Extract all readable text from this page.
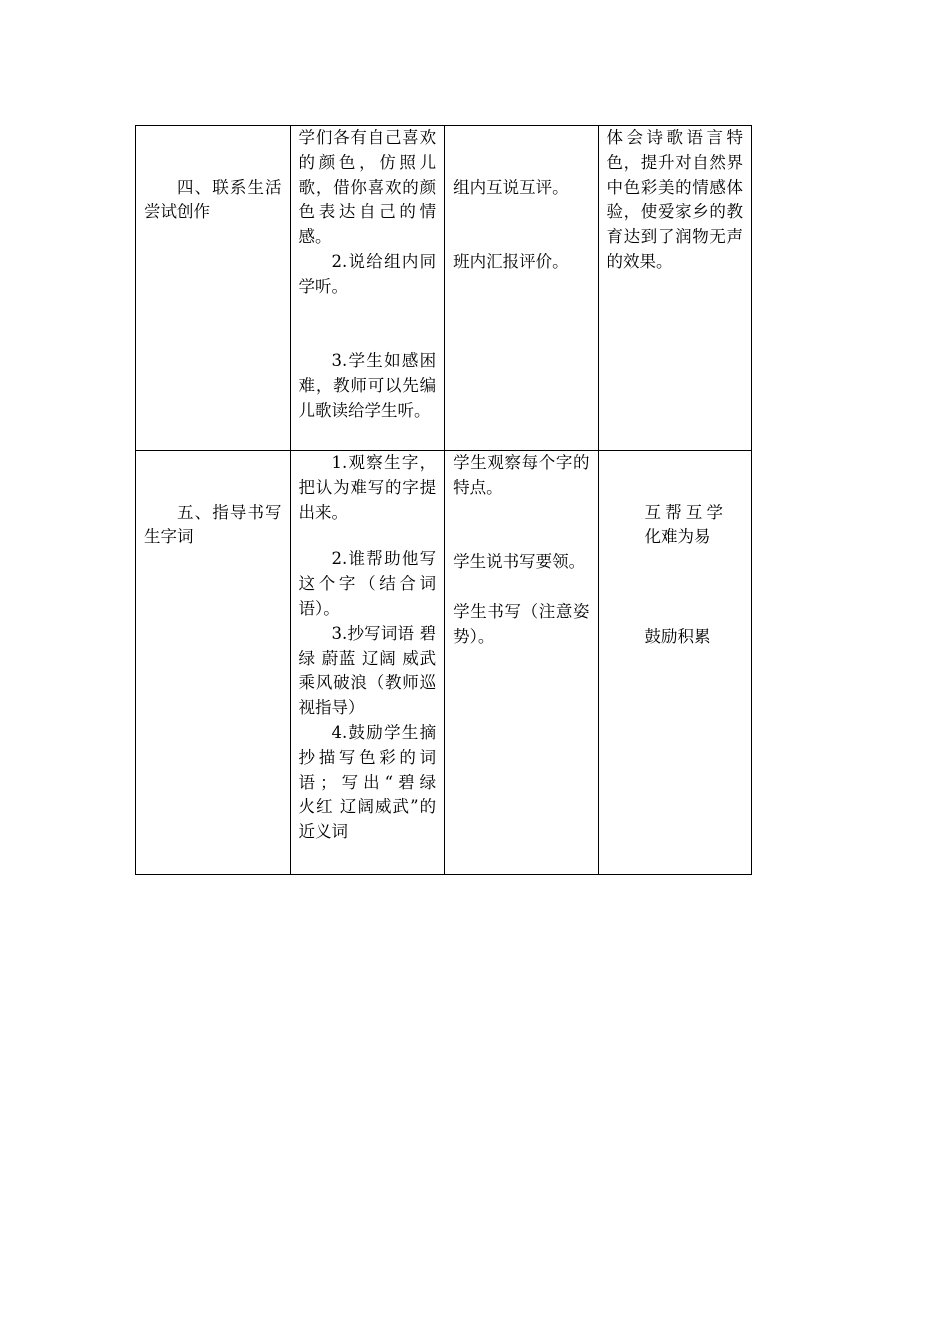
四、联系生活尝试创作	学们各有自己喜欢的颜色，仿照儿歌，借你喜欢的颜色表达自己的情感。
2.说给组内同学听。
3.学生如感困难，教师可以先编儿歌读给学生听。	组内互说互评。
班内汇报评价。	体会诗歌语言特色，提升对自然界中色彩美的情感体验，使爱家乡的教育达到了润物无声的效果。

五、指导书写生字词	1.观察生字，把认为难写的字提出来。
2.谁帮助他写这个字（结合词语）。
3.抄写词语 碧绿 蔚蓝 辽阔 威武 乘风破浪（教师巡视指导）
4.鼓励学生摘抄描写色彩的词语；写出“碧绿　火红 辽阔威武”的近义词	学生观察每个字的特点。
学生说书写要领。
学生书写（注意姿势）。	互帮互学化难为易
鼓励积累
